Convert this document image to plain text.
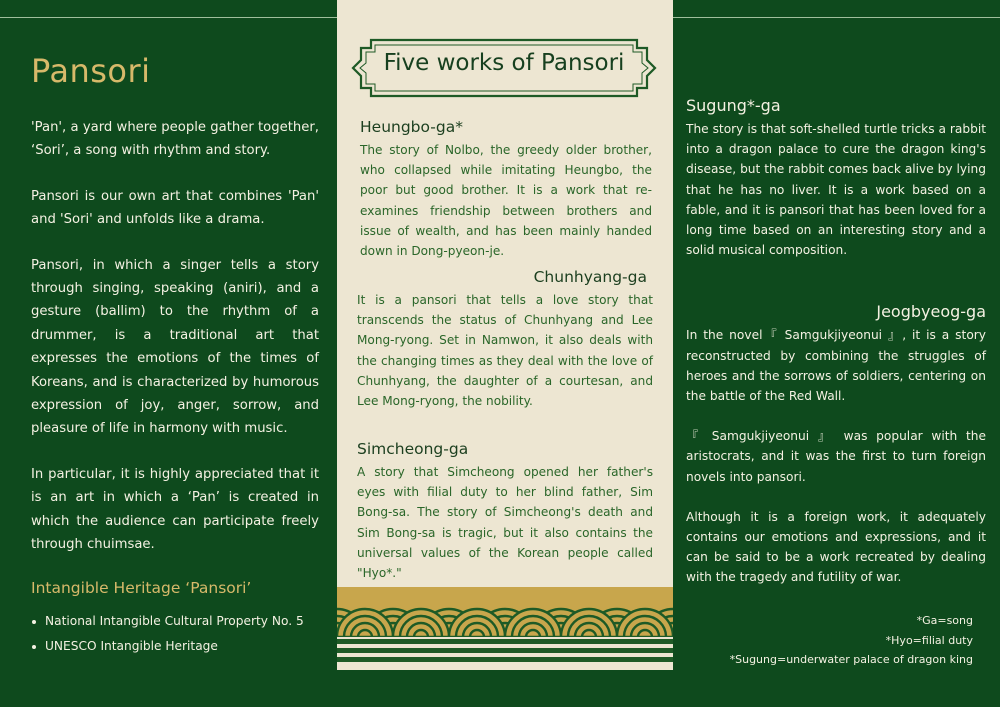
Pansori

'Pan', a yard where people gather together, ‘Sori’, a song with rhythm and story.

Pansori is our own art that combines 'Pan' and 'Sori' and unfolds like a drama.

Pansori, in which a singer tells a story through singing, speaking (aniri), and a gesture (ballim) to the rhythm of a drummer, is a traditional art that expresses the emotions of the times of Koreans, and is characterized by humorous expression of joy, anger, sorrow, and pleasure of life in harmony with music.

In particular, it is highly appreciated that it is an art in which a ‘Pan’ is created in which the audience can participate freely through chuimsae.

Intangible Heritage ‘Pansori’
National Intangible Cultural Property No. 5
UNESCO Intangible Heritage
Five works of Pansori
Heungbo-ga*

The story of Nolbo, the greedy older brother, who collapsed while imitating Heungbo, the poor but good brother. It is a work that re-examines friendship between brothers and issue of wealth, and has been mainly handed down in Dong-pyeon-je.

Chunhyang-ga

It is a pansori that tells a love story that transcends the status of Chunhyang and Lee Mong-ryong. Set in Namwon, it also deals with the changing times as they deal with the love of Chunhyang, the daughter of a courtesan, and Lee Mong-ryong, the nobility.

Simcheong-ga

A story that Simcheong opened her father's eyes with filial duty to her blind father, Sim Bong-sa. The story of Simcheong's death and Sim Bong-sa is tragic, but it also contains the universal values of the Korean people called "Hyo*."

Sugung*-ga

The story is that soft-shelled turtle tricks a rabbit into a dragon palace to cure the dragon king's disease, but the rabbit comes back alive by lying that he has no liver. It is a work based on a fable, and it is pansori that has been loved for a long time based on an interesting story and a solid musical composition.

Jeogbyeog-ga

In the novel『 Samgukjiyeonui 』, it is a story reconstructed by combining the struggles of heroes and the sorrows of soldiers, centering on the battle of the Red Wall.

『 Samgukjiyeonui 』 was popular with the aristocrats, and it was the first to turn foreign novels into pansori.

Although it is a foreign work, it adequately contains our emotions and expressions, and it can be said to be a work recreated by dealing with the tragedy and futility of war.

*Ga=song
*Hyo=filial duty
*Sugung=underwater palace of dragon king
